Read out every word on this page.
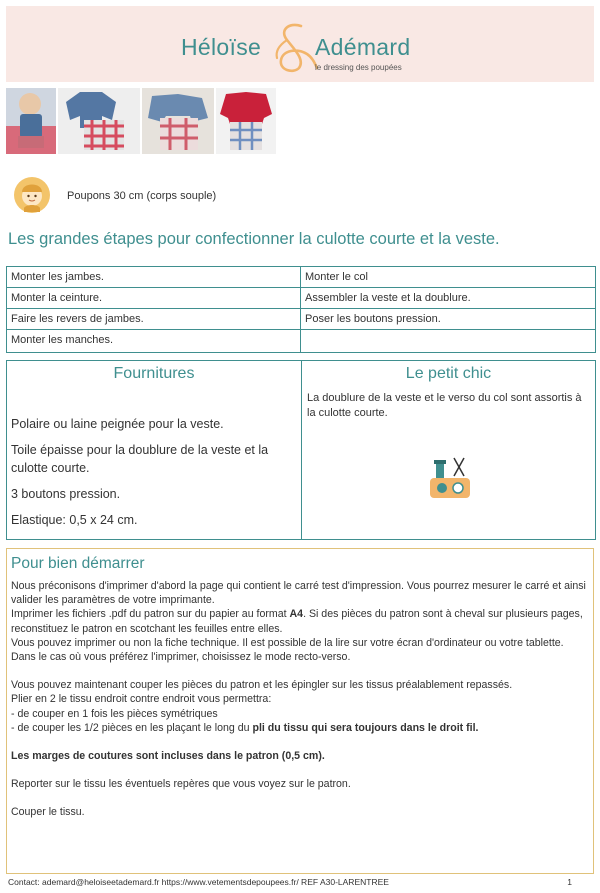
Héloïse Adémard
le dressing des poupées
Poupons 30 cm (corps souple)
Les grandes étapes pour confectionner la culotte courte et la veste.
Monter les jambes.	Monter le col
Monter la ceinture.	Assembler la veste et la doublure.
Faire les revers de jambes.	Poser les boutons pression.
Monter les manches.
Fournitures
Polaire ou laine peignée pour la veste.
Toile épaisse pour la doublure de la veste et la culotte courte.
3 boutons pression.
Elastique: 0,5 x 24 cm.
Le petit chic
La doublure de la veste et le verso du col sont assortis à la culotte courte.
Pour bien démarrer

Nous préconisons d'imprimer d'abord la page qui contient le carré test d'impression. Vous pourrez mesurer le carré et ainsi valider les paramètres de votre imprimante.

Imprimer les fichiers .pdf du patron sur du papier au format A4. Si des pièces du patron sont à cheval sur plusieurs pages, reconstituez le patron en scotchant les feuilles entre elles.

Vous pouvez imprimer ou non la fiche technique. Il est possible de la lire sur votre écran d'ordinateur ou votre tablette. Dans le cas où vous préférez l'imprimer, choisissez le mode recto-verso.

Vous pouvez maintenant couper les pièces du patron et les épingler sur les tissus préalablement repassés.

Plier en 2 le tissu endroit contre endroit vous permettra:

- de couper en 1 fois les pièces symétriques

- de couper les 1/2 pièces en les plaçant le long du pli du tissu qui sera toujours dans le droit fil.

Les marges de coutures sont incluses dans le patron (0,5 cm).

Reporter sur le tissu les éventuels repères que vous voyez sur le patron.

Couper le tissu.

Contact: ademard@heloiseetademard.fr https://www.vetementsdepoupees.fr/ REF A30-LARENTREE	1
